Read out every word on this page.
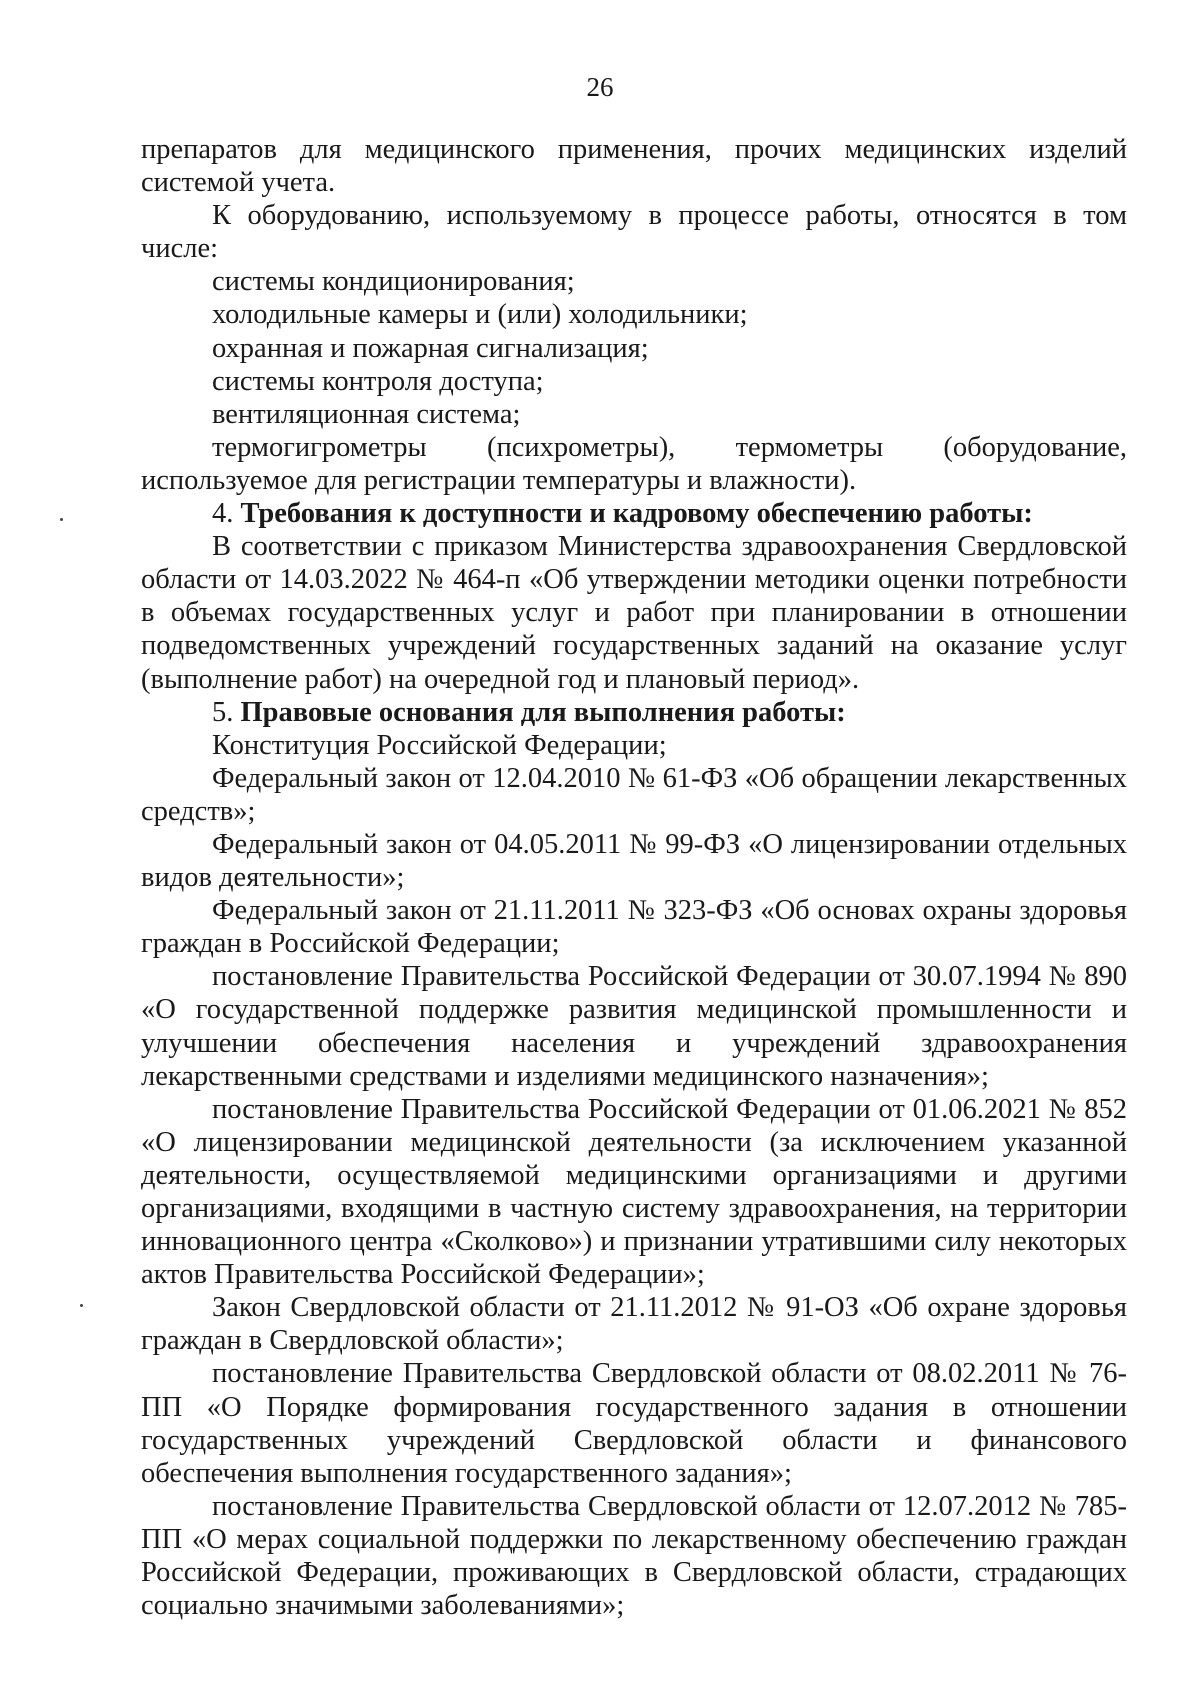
26

препаратов для медицинского применения, прочих медицинских изделий системой учета.

К оборудованию, используемому в процессе работы, относятся в том числе:

системы кондиционирования;

холодильные камеры и (или) холодильники;

охранная и пожарная сигнализация;

системы контроля доступа;

вентиляционная система;

термогигрометры (психрометры), термометры (оборудование, используемое для регистрации температуры и влажности).

4. Требования к доступности и кадровому обеспечению работы:

В соответствии с приказом Министерства здравоохранения Свердловской области от 14.03.2022 № 464-п «Об утверждении методики оценки потребности в объемах государственных услуг и работ при планировании в отношении подведомственных учреждений государственных заданий на оказание услуг (выполнение работ) на очередной год и плановый период».

5. Правовые основания для выполнения работы:

Конституция Российской Федерации;

Федеральный закон от 12.04.2010 № 61-ФЗ «Об обращении лекарственных средств»;

Федеральный закон от 04.05.2011 № 99-ФЗ «О лицензировании отдельных видов деятельности»;

Федеральный закон от 21.11.2011 № 323-ФЗ «Об основах охраны здоровья граждан в Российской Федерации;

постановление Правительства Российской Федерации от 30.07.1994 № 890 «О государственной поддержке развития медицинской промышленности и улучшении обеспечения населения и учреждений здравоохранения лекарственными средствами и изделиями медицинского назначения»;

постановление Правительства Российской Федерации от 01.06.2021 № 852 «О лицензировании медицинской деятельности (за исключением указанной деятельности, осуществляемой медицинскими организациями и другими организациями, входящими в частную систему здравоохранения, на территории инновационного центра «Сколково») и признании утратившими силу некоторых актов Правительства Российской Федерации»;

Закон Свердловской области от 21.11.2012 № 91-ОЗ «Об охране здоровья граждан в Свердловской области»;

постановление Правительства Свердловской области от 08.02.2011 № 76-ПП «О Порядке формирования государственного задания в отношении государственных учреждений Свердловской области и финансового обеспечения выполнения государственного задания»;

постановление Правительства Свердловской области от 12.07.2012 № 785-ПП «О мерах социальной поддержки по лекарственному обеспечению граждан Российской Федерации, проживающих в Свердловской области, страдающих социально значимыми заболеваниями»;
